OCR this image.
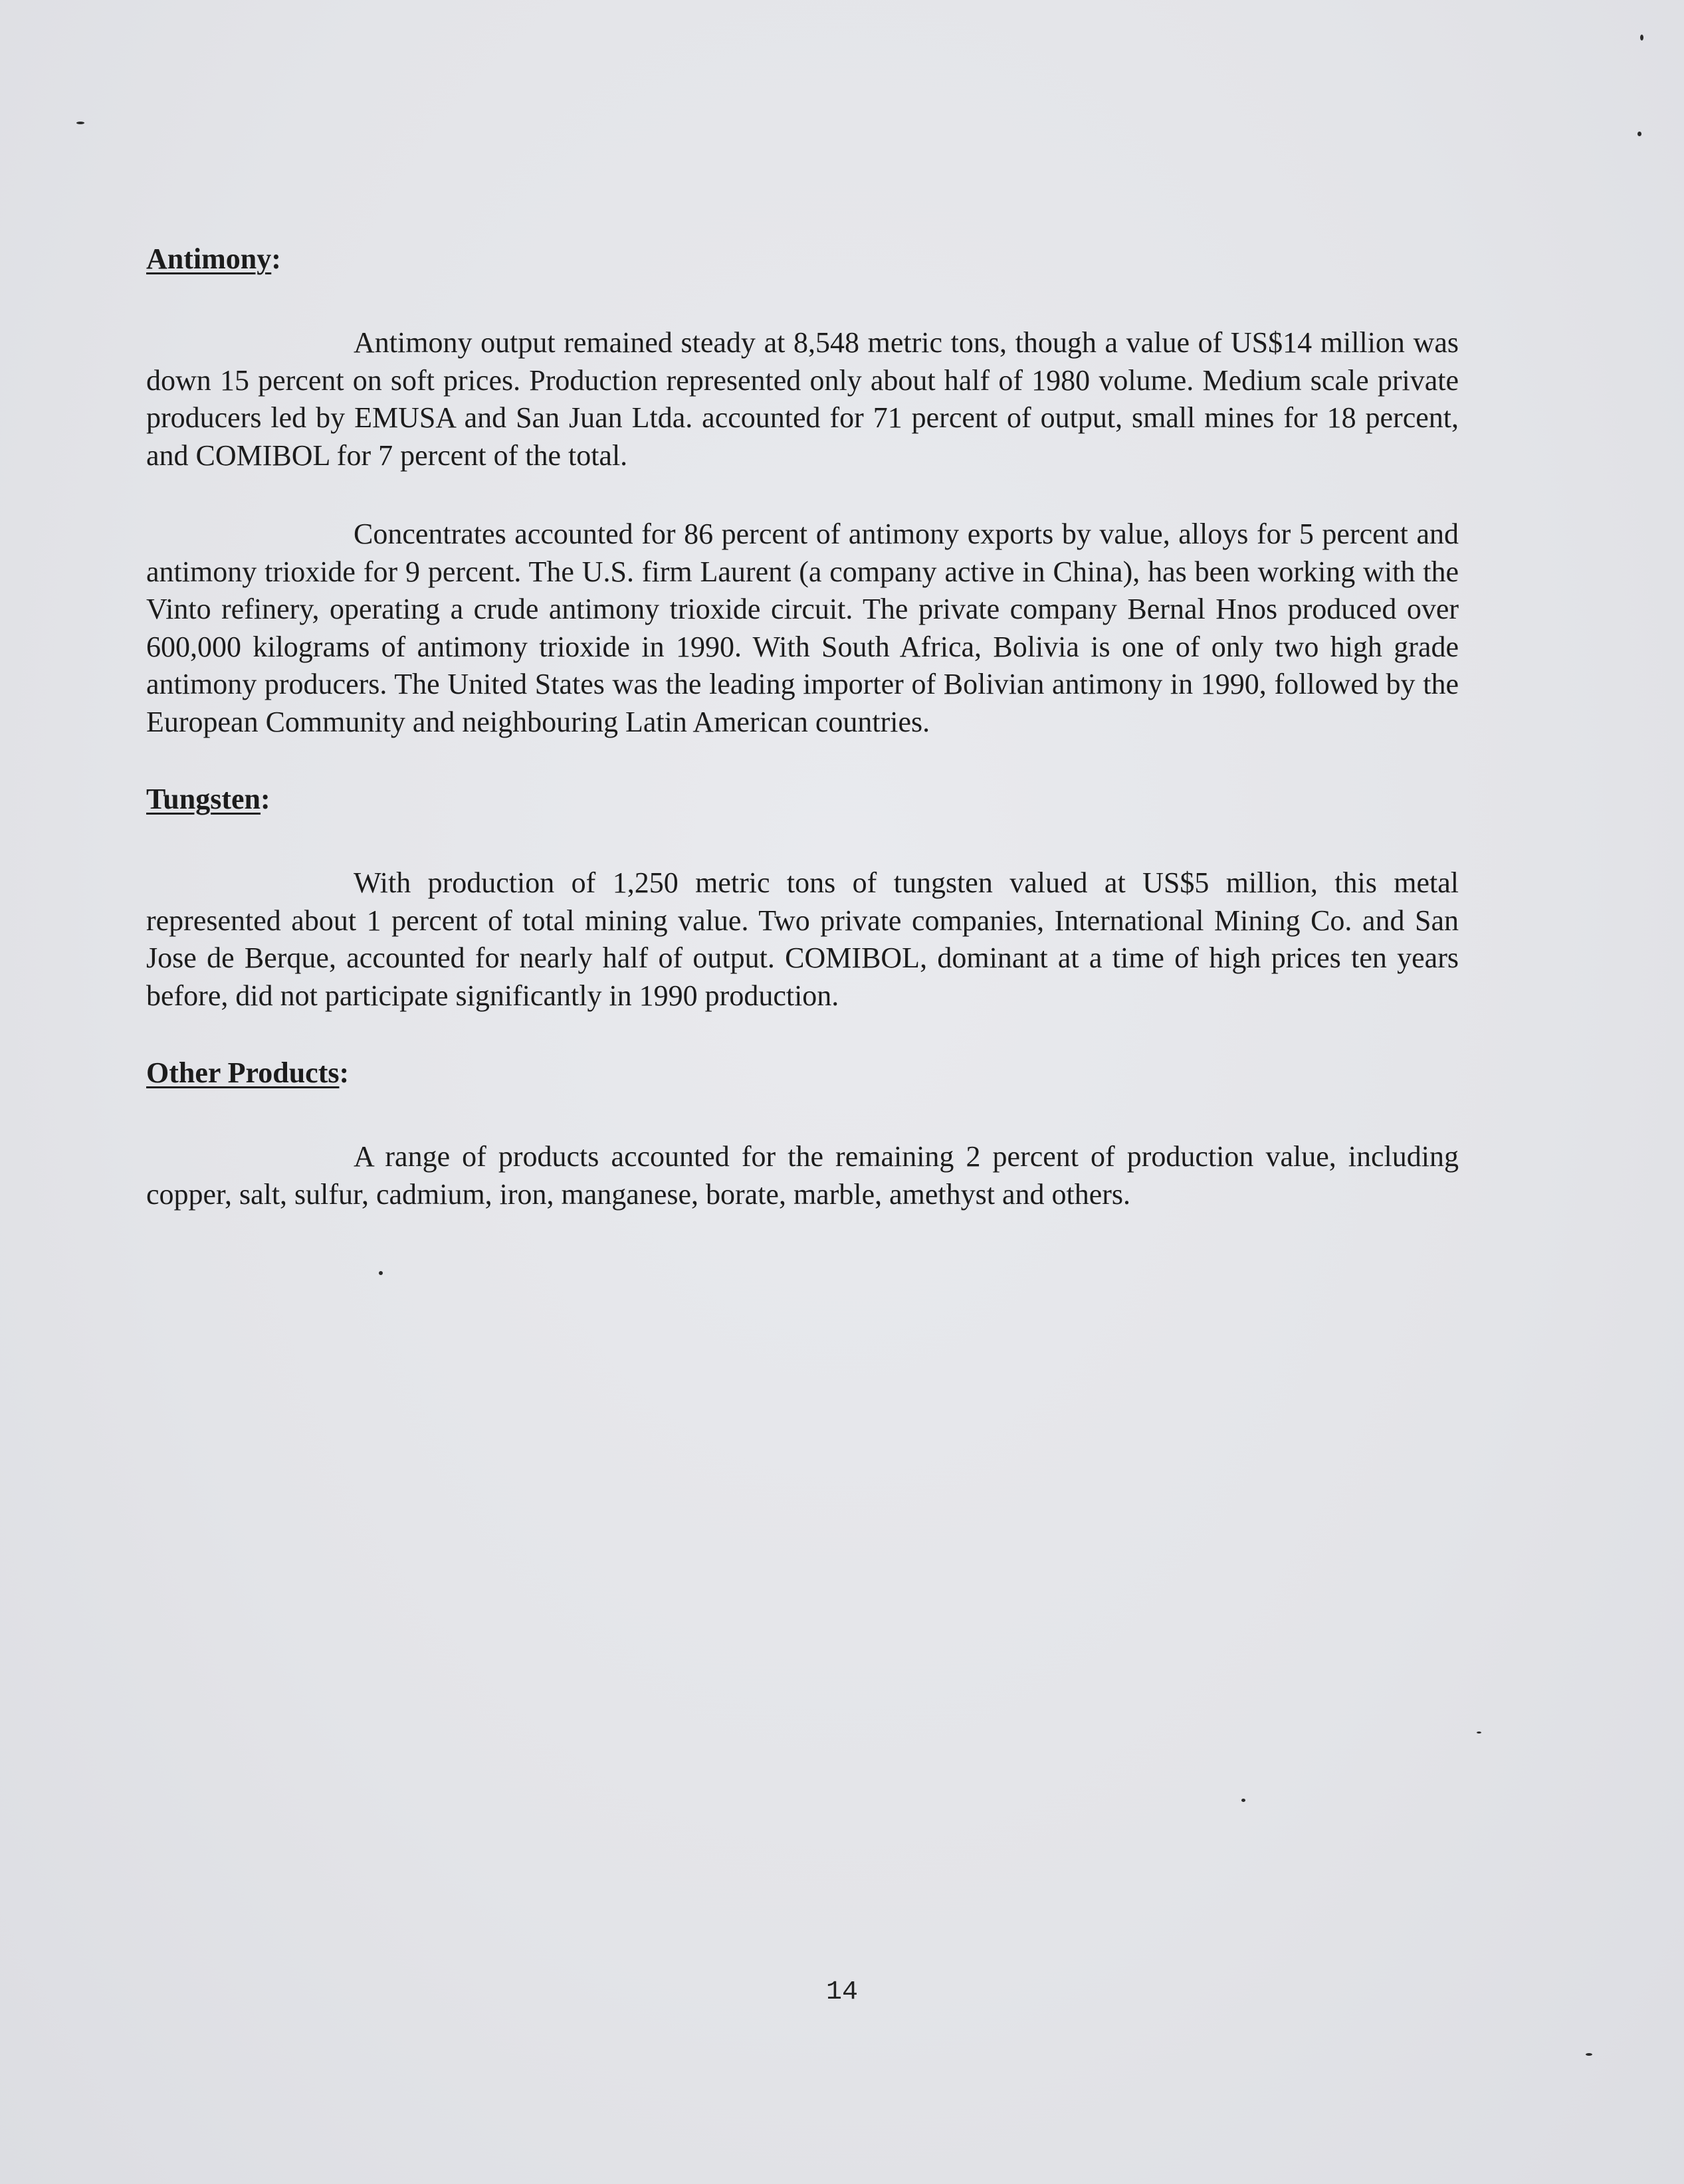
Antimony:

Antimony output remained steady at 8,548 metric tons, though a value of US$14 million was down 15 percent on soft prices. Production represented only about half of 1980 volume. Medium scale private producers led by EMUSA and San Juan Ltda. accounted for 71 percent of output, small mines for 18 percent, and COMIBOL for 7 percent of the total.

Concentrates accounted for 86 percent of antimony exports by value, alloys for 5 percent and antimony trioxide for 9 percent. The U.S. firm Laurent (a company active in China), has been working with the Vinto refinery, operating a crude antimony trioxide circuit. The private company Bernal Hnos produced over 600,000 kilograms of antimony trioxide in 1990. With South Africa, Bolivia is one of only two high grade antimony producers. The United States was the leading importer of Bolivian antimony in 1990, followed by the European Community and neighbouring Latin American countries.

Tungsten:

With production of 1,250 metric tons of tungsten valued at US$5 million, this metal represented about 1 percent of total mining value. Two private companies, International Mining Co. and San Jose de Berque, accounted for nearly half of output. COMIBOL, dominant at a time of high prices ten years before, did not participate significantly in 1990 production.

Other Products:

A range of products accounted for the remaining 2 percent of production value, including copper, salt, sulfur, cadmium, iron, manganese, borate, marble, amethyst and others.

14
